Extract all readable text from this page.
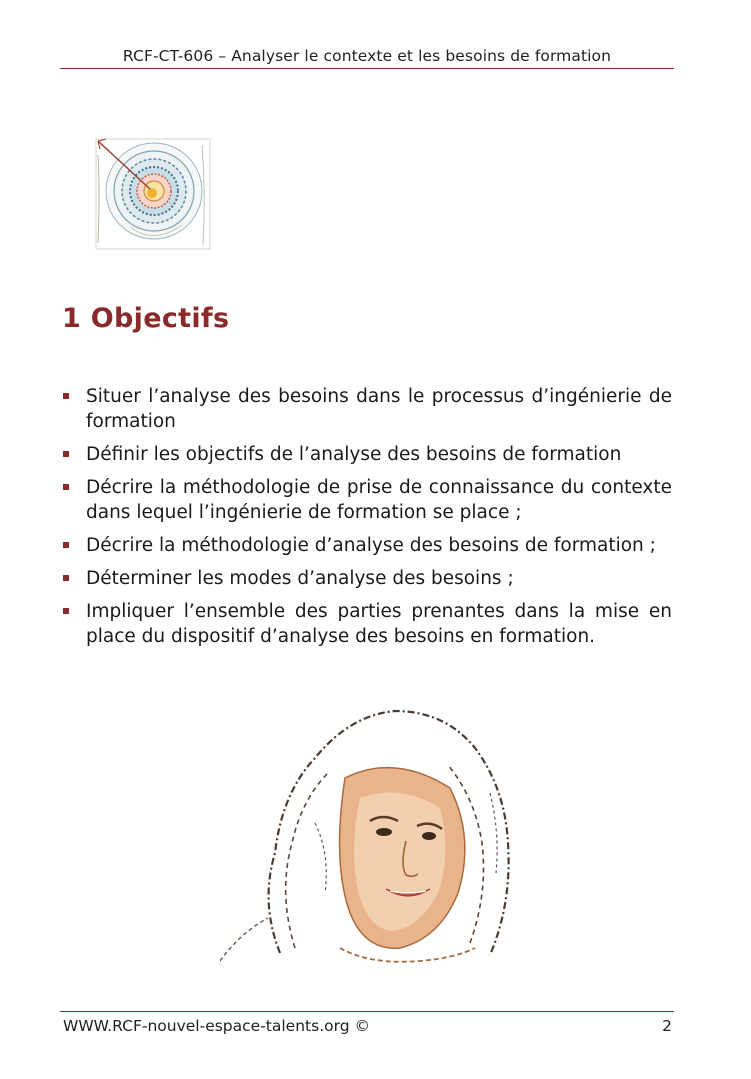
RCF-CT-606 – Analyser le contexte et les besoins de formation
1 Objectifs
Situer l’analyse des besoins dans le processus d’ingénierie de formation
Définir les objectifs de l’analyse des besoins de formation
Décrire la méthodologie de prise de connaissance du contexte dans lequel l’ingénierie de formation se place ;
Décrire la méthodologie d’analyse des besoins de formation ;
Déterminer les modes d’analyse des besoins ;
Impliquer l’ensemble des parties prenantes dans la mise en place du dispositif d’analyse des besoins en formation.
WWW.RCF-nouvel-espace-talents.org ©	2
